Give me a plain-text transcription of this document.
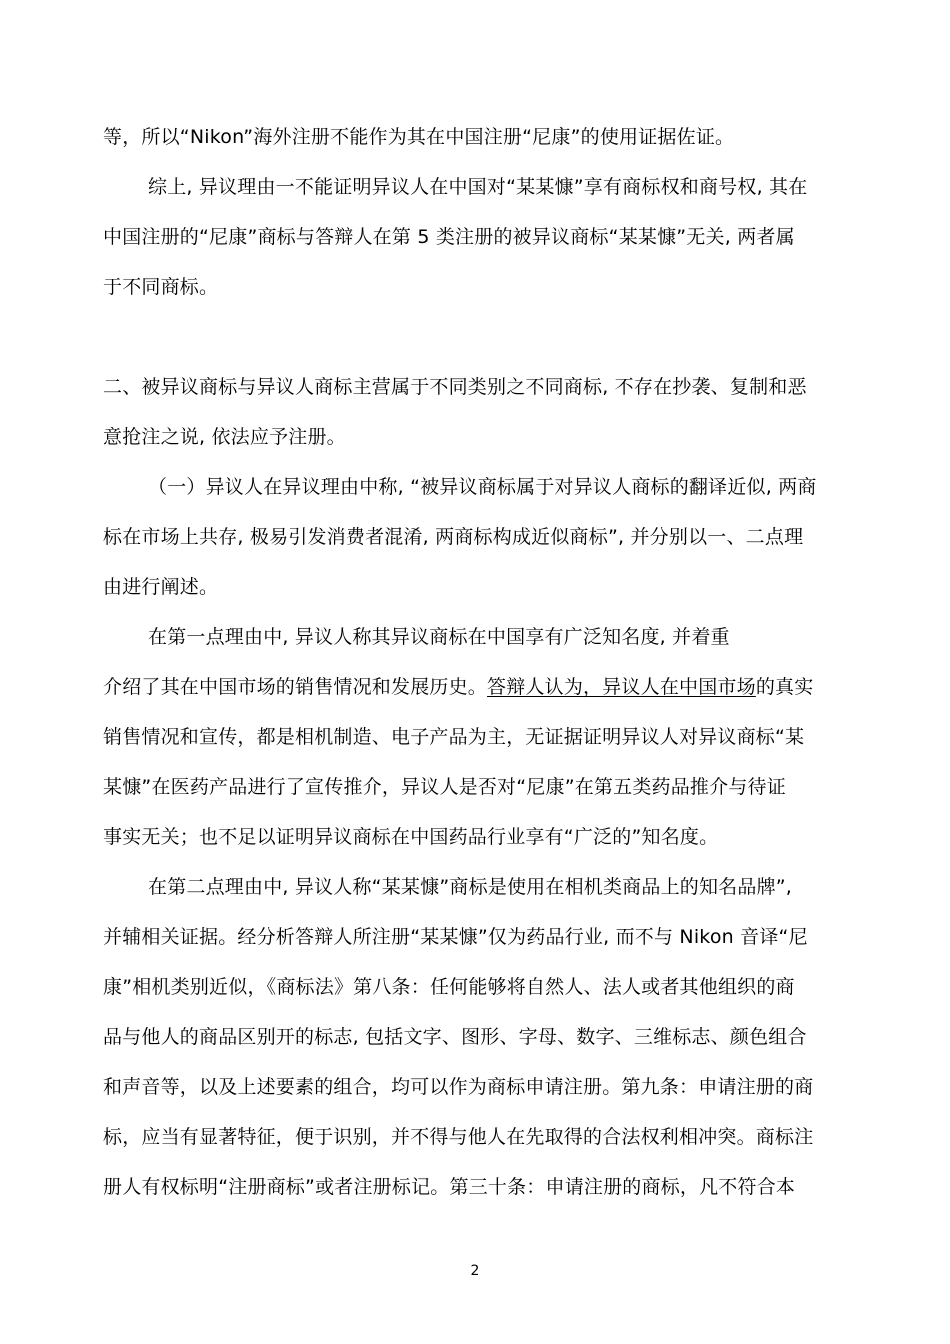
等，所以“Nikon”海外注册不能作为其在中国注册“尼康”的使用证据佐证。
综上, 异议理由一不能证明异议人在中国对“某某慷”享有商标权和商号权, 其在
中国注册的“尼康”商标与答辩人在第 5 类注册的被异议商标“某某慷”无关, 两者属
于不同商标。
二、被异议商标与异议人商标主营属于不同类别之不同商标, 不存在抄袭、复制和恶
意抢注之说, 依法应予注册。
（一）异议人在异议理由中称, “被异议商标属于对异议人商标的翻译近似, 两商
标在市场上共存, 极易引发消费者混淆, 两商标构成近似商标”, 并分别以一、二点理
由进行阐述。
在第一点理由中, 异议人称其异议商标在中国享有广泛知名度, 并着重
介绍了其在中国市场的销售情况和发展历史。答辩人认为，异议人在中国市场的真实
销售情况和宣传，都是相机制造、电子产品为主，无证据证明异议人对异议商标“某
某慷”在医药产品进行了宣传推介，异议人是否对“尼康”在第五类药品推介与待证
事实无关；也不足以证明异议商标在中国药品行业享有“广泛的”知名度。
在第二点理由中, 异议人称“某某慷”商标是使用在相机类商品上的知名品牌”,
并辅相关证据。经分析答辩人所注册“某某慷”仅为药品行业, 而不与 Nikon 音译“尼
康”相机类别近似，《商标法》第八条：任何能够将自然人、法人或者其他组织的商
品与他人的商品区别开的标志, 包括文字、图形、字母、数字、三维标志、颜色组合
和声音等，以及上述要素的组合，均可以作为商标申请注册。第九条：申请注册的商
标，应当有显著特征，便于识别，并不得与他人在先取得的合法权利相冲突。商标注
册人有权标明“注册商标”或者注册标记。第三十条：申请注册的商标，凡不符合本
2
